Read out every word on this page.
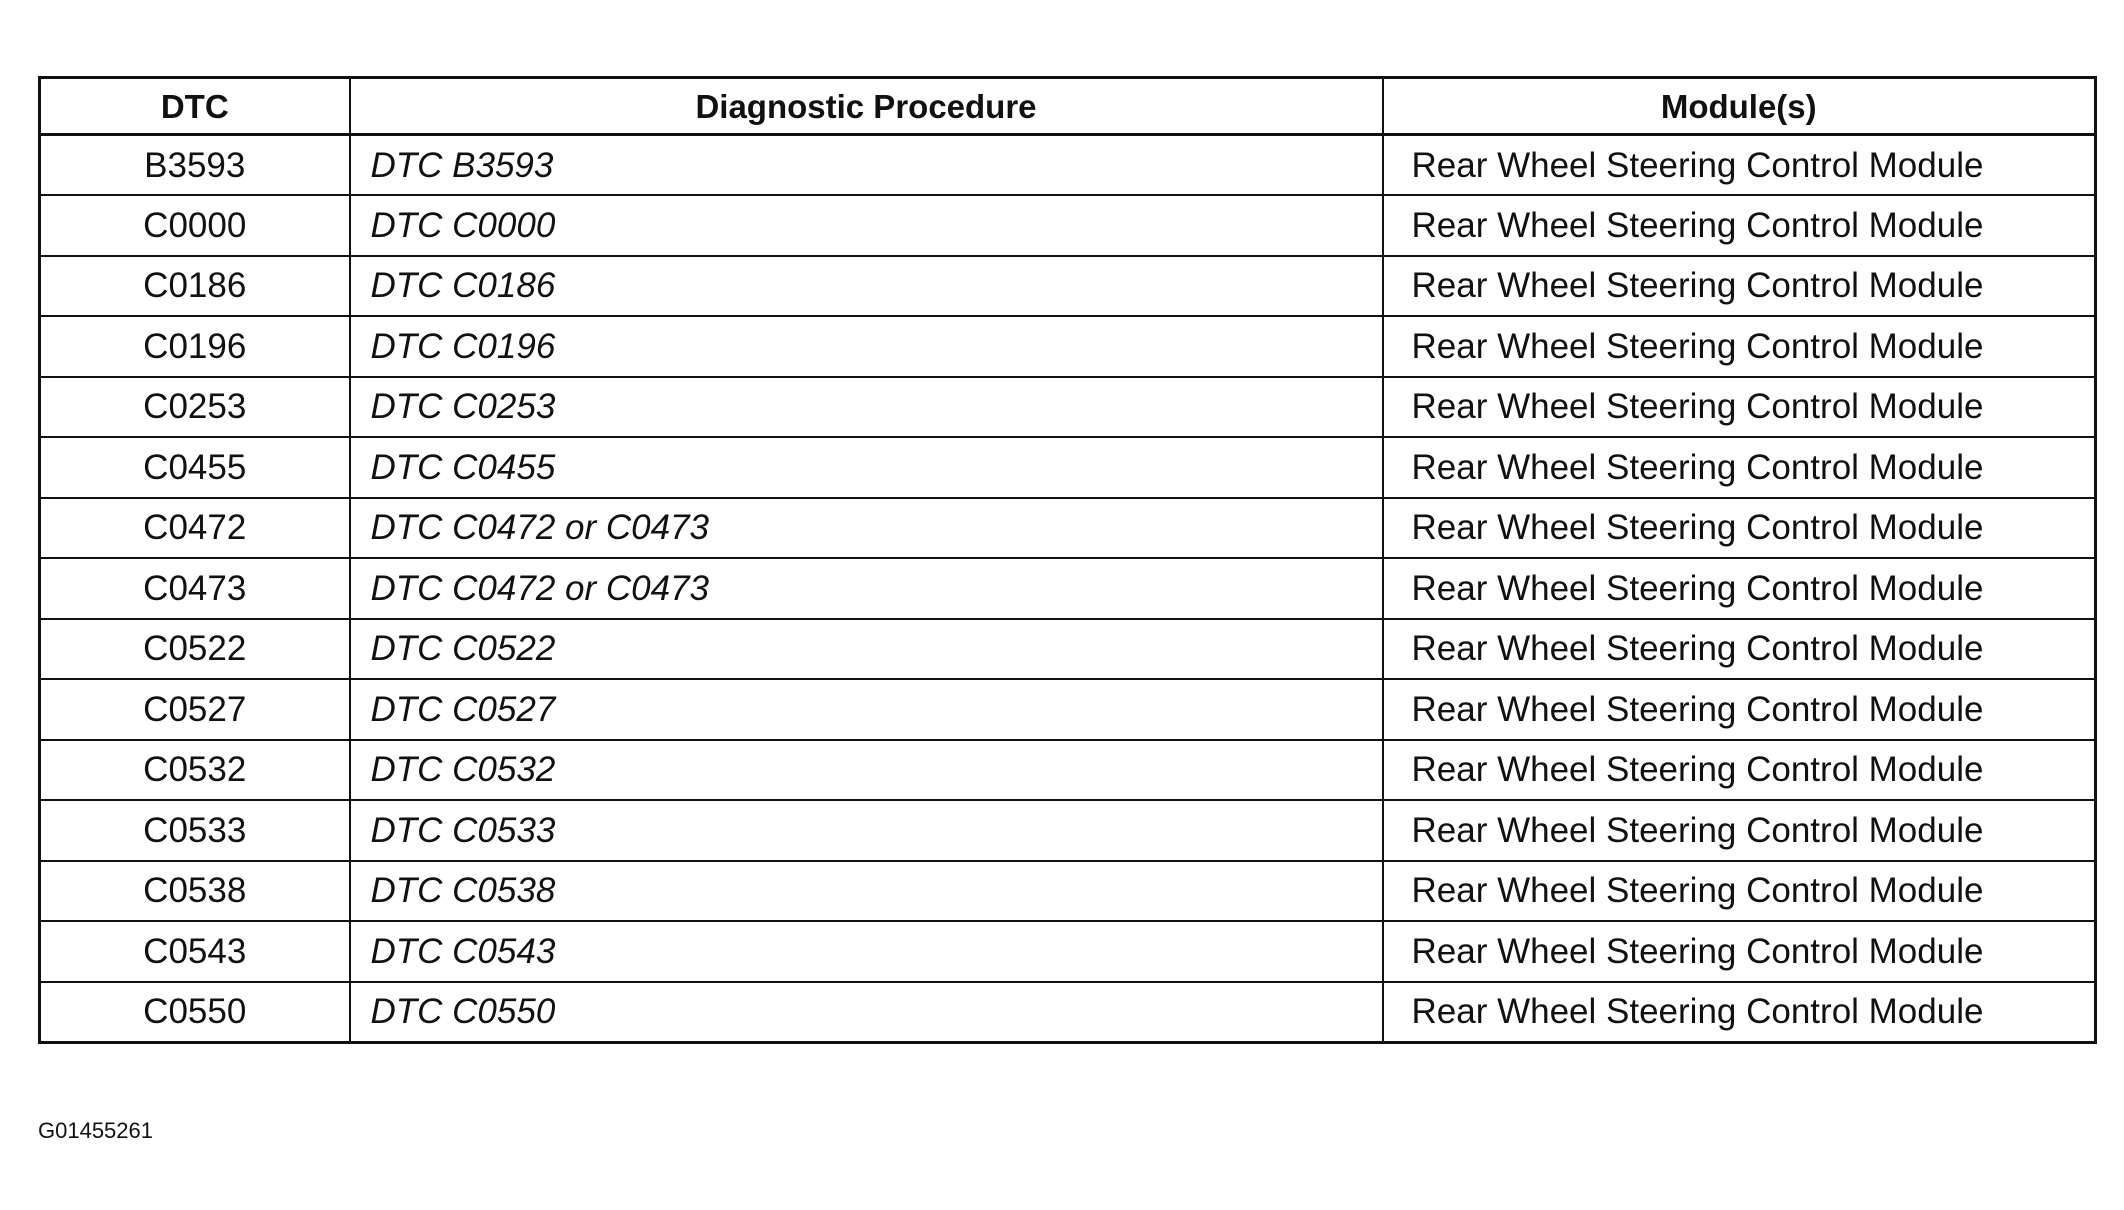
DTC	Diagnostic Procedure	Module(s)
B3593	DTC B3593	Rear Wheel Steering Control Module
C0000	DTC C0000	Rear Wheel Steering Control Module
C0186	DTC C0186	Rear Wheel Steering Control Module
C0196	DTC C0196	Rear Wheel Steering Control Module
C0253	DTC C0253	Rear Wheel Steering Control Module
C0455	DTC C0455	Rear Wheel Steering Control Module
C0472	DTC C0472 or C0473	Rear Wheel Steering Control Module
C0473	DTC C0472 or C0473	Rear Wheel Steering Control Module
C0522	DTC C0522	Rear Wheel Steering Control Module
C0527	DTC C0527	Rear Wheel Steering Control Module
C0532	DTC C0532	Rear Wheel Steering Control Module
C0533	DTC C0533	Rear Wheel Steering Control Module
C0538	DTC C0538	Rear Wheel Steering Control Module
C0543	DTC C0543	Rear Wheel Steering Control Module
C0550	DTC C0550	Rear Wheel Steering Control Module
G01455261
